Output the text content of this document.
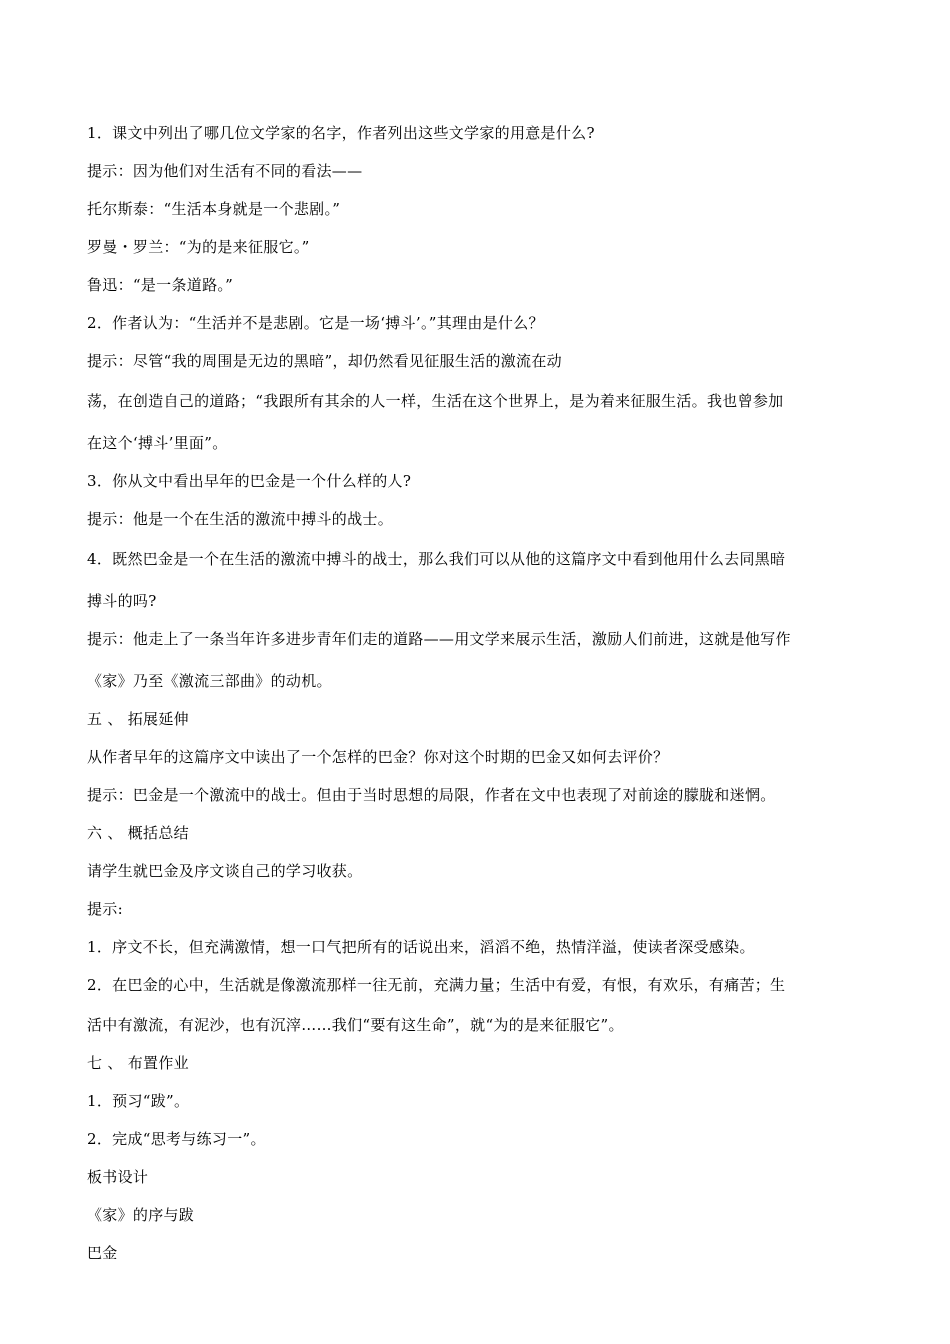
1．课文中列出了哪几位文学家的名字，作者列出这些文学家的用意是什么?
提示：因为他们对生活有不同的看法——
托尔斯泰：“生活本身就是一个悲剧。”
罗曼・罗兰：“为的是来征服它。”
鲁迅：“是一条道路。”
2．作者认为：“生活并不是悲剧。它是一场‘搏斗’。”其理由是什么？
提示：尽管“我的周围是无边的黑暗”，却仍然看见征服生活的激流在动
荡，在创造自己的道路；“我跟所有其余的人一样，生活在这个世界上，是为着来征服生活。我也曾参加
在这个‘搏斗’里面”。
3．你从文中看出早年的巴金是一个什么样的人?
提示：他是一个在生活的激流中搏斗的战士。
4．既然巴金是一个在生活的激流中搏斗的战士，那么我们可以从他的这篇序文中看到他用什么去同黑暗
搏斗的吗?
提示：他走上了一条当年许多进步青年们走的道路——用文学来展示生活，激励人们前进，这就是他写作
《家》乃至《激流三部曲》的动机。
五 、 拓展延伸
从作者早年的这篇序文中读出了一个怎样的巴金？你对这个时期的巴金又如何去评价？
提示：巴金是一个激流中的战士。但由于当时思想的局限，作者在文中也表现了对前途的朦胧和迷惘。
六 、 概括总结
请学生就巴金及序文谈自己的学习收获。
提示:
1．序文不长，但充满激情，想一口气把所有的话说出来，滔滔不绝，热情洋溢，使读者深受感染。
2．在巴金的心中，生活就是像激流那样一往无前，充满力量；生活中有爱，有恨，有欢乐，有痛苦；生
活中有激流，有泥沙，也有沉滓……我们“要有这生命”，就“为的是来征服它”。
七 、 布置作业
1．预习“跋”。
2．完成“思考与练习一”。
板书设计
《家》的序与跋
巴金
